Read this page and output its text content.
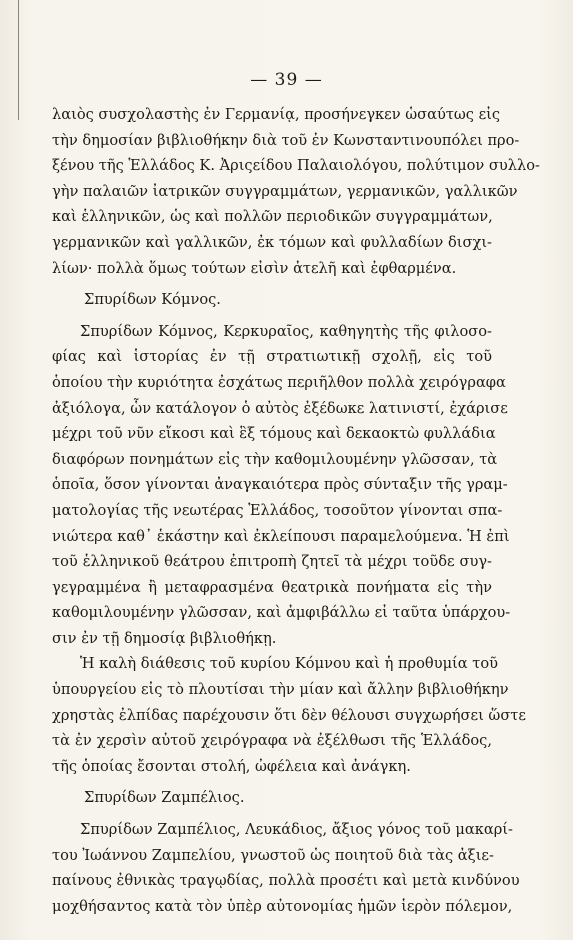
— 39 —
λαιὸς συσχολαστὴς ἐν Γερμανίᾳ, προσήνεγκεν ὡσαύτως εἰς
τὴν δημοσίαν βιβλιοθήκην διὰ τοῦ ἐν Κωνσταντινουπόλει προ-
ξένου τῆς Ἑλλάδος Κ. Ἀριςείδου Παλαιολόγου, πολύτιμον συλλο-
γὴν παλαιῶν ἰατρικῶν συγγραμμάτων, γερμανικῶν, γαλλικῶν
καὶ ἑλληνικῶν, ὡς καὶ πολλῶν περιοδικῶν συγγραμμάτων,
γερμανικῶν καὶ γαλλικῶν, ἐκ τόμων καὶ φυλλαδίων δισχι-
λίων· πολλὰ ὅμως τούτων εἰσὶν ἀτελῆ καὶ ἐφθαρμένα.
Σπυρίδων Κόμνος.
Σπυρίδων Κόμνος, Κερκυραῖος, καθηγητὴς τῆς φιλοσο-
φίας καὶ ἱστορίας ἐν τῇ στρατιωτικῇ σχολῇ, εἰς τοῦ
ὁποίου τὴν κυριότητα ἐσχάτως περιῆλθον πολλὰ χειρόγραφα
ἀξιόλογα, ὧν κατάλογον ὁ αὐτὸς ἐξέδωκε λατινιστί, ἐχάρισε
μέχρι τοῦ νῦν εἴκοσι καὶ ἓξ τόμους καὶ δεκαοκτὼ φυλλάδια
διαφόρων πονημάτων εἰς τὴν καθομιλουμένην γλῶσσαν, τὰ
ὁποῖα, ὅσον γίνονται ἀναγκαιότερα πρὸς σύνταξιν τῆς γραμ-
ματολογίας τῆς νεωτέρας Ἑλλάδος, τοσοῦτον γίνονται σπα-
νιώτερα καθ᾽ ἑκάστην καὶ ἐκλείπουσι παραμελούμενα. Ἡ ἐπὶ
τοῦ ἑλληνικοῦ θεάτρου ἐπιτροπὴ ζητεῖ τὰ μέχρι τοῦδε συγ-
γεγραμμένα ἢ μεταφρασμένα θεατρικὰ πονήματα εἰς τὴν
καθομιλουμένην γλῶσσαν, καὶ ἀμφιβάλλω εἰ ταῦτα ὑπάρχου-
σιν ἐν τῇ δημοσίᾳ βιβλιοθήκῃ.
Ἡ καλὴ διάθεσις τοῦ κυρίου Κόμνου καὶ ἡ προθυμία τοῦ
ὑπουργείου εἰς τὸ πλουτίσαι τὴν μίαν καὶ ἄλλην βιβλιοθήκην
χρηστὰς ἐλπίδας παρέχουσιν ὅτι δὲν θέλουσι συγχωρήσει ὥστε
τὰ ἐν χερσὶν αὐτοῦ χειρόγραφα νὰ ἐξέλθωσι τῆς Ἑλλάδος,
τῆς ὁποίας ἔσονται στολή, ὠφέλεια καὶ ἀνάγκη.
Σπυρίδων Ζαμπέλιος.
Σπυρίδων Ζαμπέλιος, Λευκάδιος, ἄξιος γόνος τοῦ μακαρί-
του Ἰωάννου Ζαμπελίου, γνωστοῦ ὡς ποιητοῦ διὰ τὰς ἀξιε-
παίνους ἐθνικὰς τραγῳδίας, πολλὰ προσέτι καὶ μετὰ κινδύνου
μοχθήσαντος κατὰ τὸν ὑπὲρ αὐτονομίας ἡμῶν ἱερὸν πόλεμον,
